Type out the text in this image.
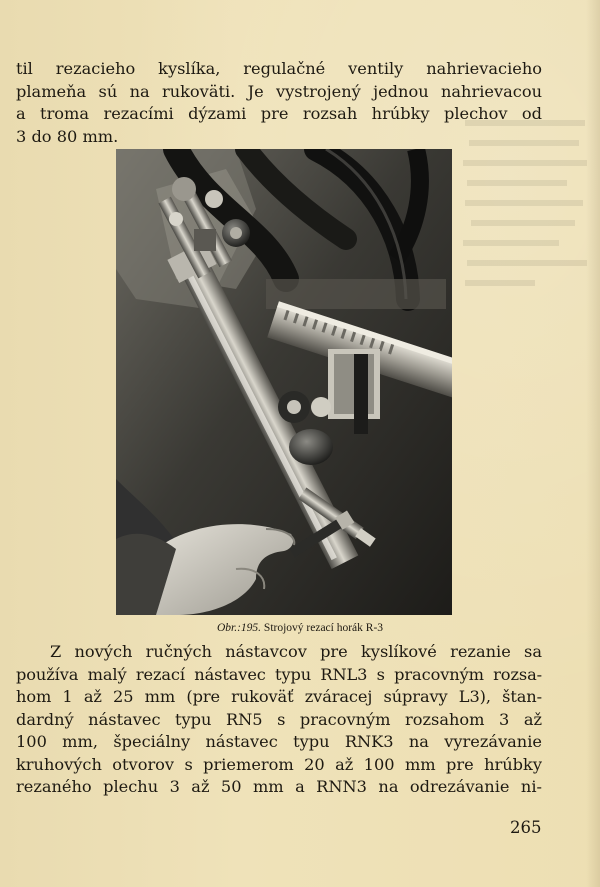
til rezacieho kyslíka, regulačné ventily nahrievacieho
plameňa sú na rukoväti. Je vystrojený jednou nahrievacou
a troma rezacími dýzami pre rozsah hrúbky plechov od
3 do 80 mm.

Obr.:195. Strojový rezací horák R-3

Z nových ručných nástavcov pre kyslíkové rezanie sa
používa malý rezací nástavec typu RNL3 s pracovným rozsa-
hom 1 až 25 mm (pre rukoväť zváracej súpravy L3), štan-
dardný nástavec typu RN5 s pracovným rozsahom 3 až
100 mm, špeciálny nástavec typu RNK3 na vyrezávanie
kruhových otvorov s priemerom 20 až 100 mm pre hrúbky
rezaného plechu 3 až 50 mm a RNN3 na odrezávanie ni-

265
